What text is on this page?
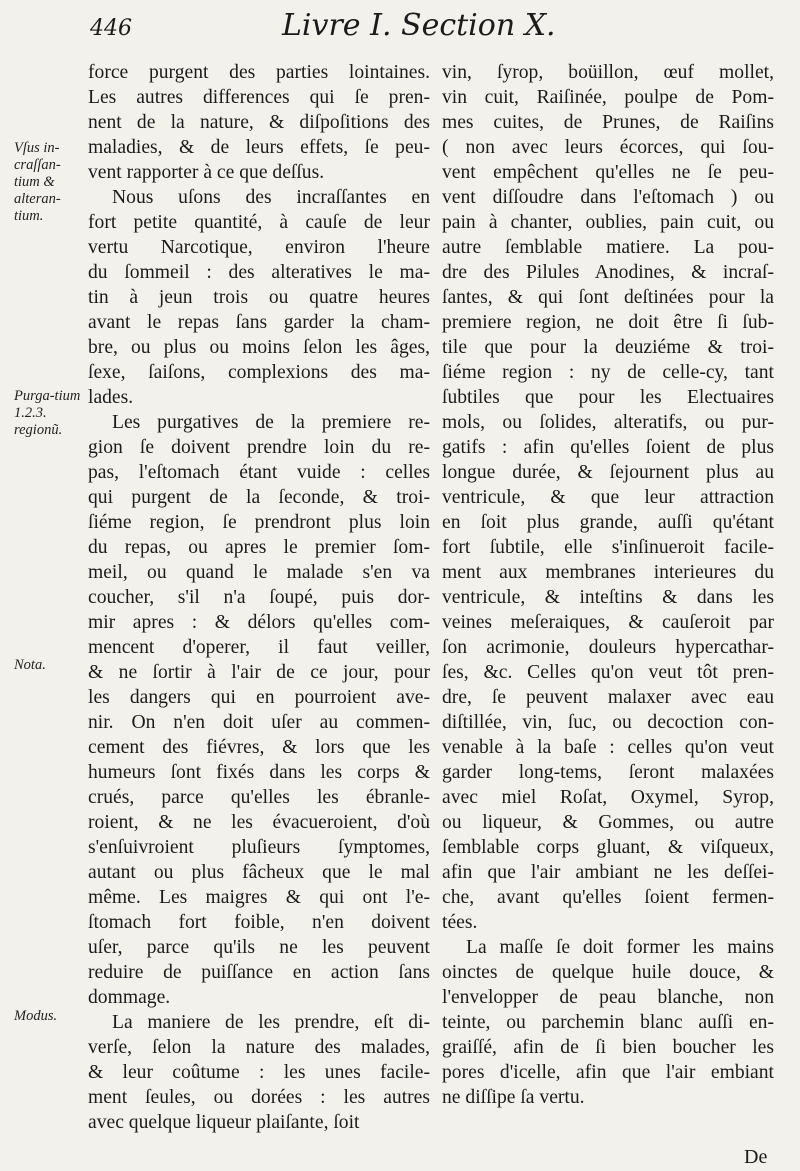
446	Livre I. Section X.
Vſus in-craſſan-tium & alteran-tium.
Purga-tium 1.2.3. regionũ.
Nota.
Modus.
force purgent des parties lointaines.
Les autres differences qui ſe pren-
nent de la nature, & diſpoſitions des
maladies, & de leurs effets, ſe peu-
vent rapporter à ce que deſſus.
Nous uſons des incraſſantes en
fort petite quantité, à cauſe de leur
vertu Narcotique, environ l'heure
du ſommeil : des alteratives le ma-
tin à jeun trois ou quatre heures
avant le repas ſans garder la cham-
bre, ou plus ou moins ſelon les âges,
ſexe, ſaiſons, complexions des ma-
lades.
Les purgatives de la premiere re-
gion ſe doivent prendre loin du re-
pas, l'eſtomach étant vuide : celles
qui purgent de la ſeconde, & troi-
ſiéme region, ſe prendront plus loin
du repas, ou apres le premier ſom-
meil, ou quand le malade s'en va
coucher, s'il n'a ſoupé, puis dor-
mir apres : & délors qu'elles com-
mencent d'operer, il faut veiller,
& ne ſortir à l'air de ce jour, pour
les dangers qui en pourroient ave-
nir. On n'en doit uſer au commen-
cement des fiévres, & lors que les
humeurs ſont fixés dans les corps &
crués, parce qu'elles les ébranle-
roient, & ne les évacueroient, d'où
s'enſuivroient pluſieurs ſymptomes,
autant ou plus fâcheux que le mal
même. Les maigres & qui ont l'e-
ſtomach fort foible, n'en doivent
uſer, parce qu'ils ne les peuvent
reduire de puiſſance en action ſans
dommage.
La maniere de les prendre, eſt di-
verſe, ſelon la nature des malades,
& leur coûtume : les unes facile-
ment ſeules, ou dorées : les autres
avec quelque liqueur plaiſante, ſoit
vin, ſyrop, boüillon, œuf mollet,
vin cuit, Raiſinée, poulpe de Pom-
mes cuites, de Prunes, de Raiſins
( non avec leurs écorces, qui ſou-
vent empêchent qu'elles ne ſe peu-
vent diſſoudre dans l'eſtomach ) ou
pain à chanter, oublies, pain cuit, ou
autre ſemblable matiere. La pou-
dre des Pilules Anodines, & incraſ-
ſantes, & qui ſont deſtinées pour la
premiere region, ne doit être ſi ſub-
tile que pour la deuziéme & troi-
ſiéme region : ny de celle-cy, tant
ſubtiles que pour les Electuaires
mols, ou ſolides, alteratifs, ou pur-
gatifs : afin qu'elles ſoient de plus
longue durée, & ſejournent plus au
ventricule, & que leur attraction
en ſoit plus grande, auſſi qu'étant
fort ſubtile, elle s'inſinueroit facile-
ment aux membranes interieures du
ventricule, & inteſtins & dans les
veines meſeraiques, & cauſeroit par
ſon acrimonie, douleurs hypercathar-
ſes, &c. Celles qu'on veut tôt pren-
dre, ſe peuvent malaxer avec eau
diſtillée, vin, ſuc, ou decoction con-
venable à la baſe : celles qu'on veut
garder long-tems, ſeront malaxées
avec miel Roſat, Oxymel, Syrop,
ou liqueur, & Gommes, ou autre
ſemblable corps gluant, & viſqueux,
afin que l'air ambiant ne les deſſei-
che, avant qu'elles ſoient fermen-
tées.
La maſſe ſe doit former les mains
oinctes de quelque huile douce, &
l'envelopper de peau blanche, non
teinte, ou parchemin blanc auſſi en-
graiſſé, afin de ſi bien boucher les
pores d'icelle, afin que l'air embiant
ne diſſipe ſa vertu.
De
